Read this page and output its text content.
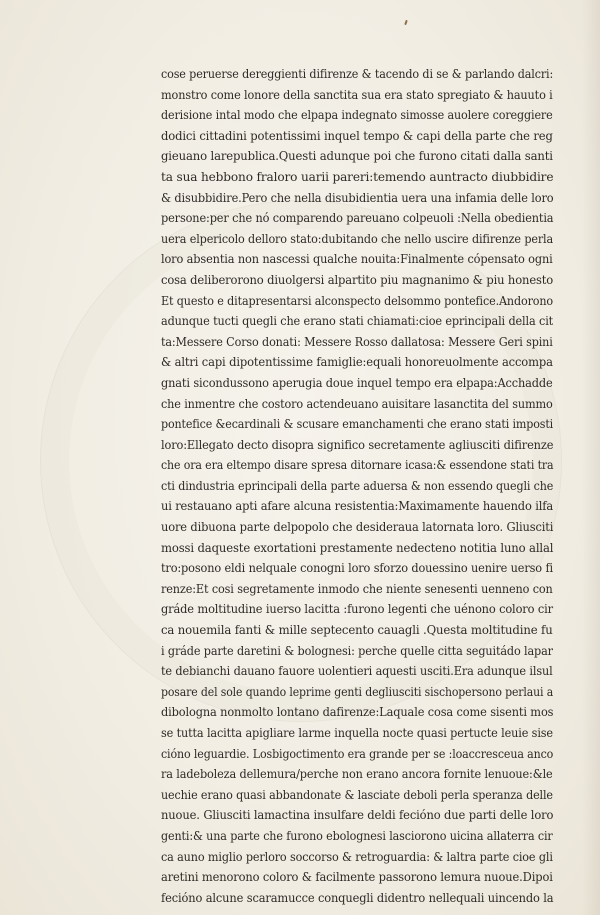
cose peruerse dereggienti difirenze & tacendo di se & parlando dalcri:
monstro come lonore della sanctita sua era stato spregiato & hauuto i
derisione intal modo che elpapa indegnato simosse auolere coreggiere
dodici cittadini potentissimi inquel tempo & capi della parte che reg
gieuano larepublica.Questi adunque poi che furono citati dalla santi
ta sua hebbono fraloro uarii pareri:temendo auntracto diubbidire
& disubbidire.Pero che nella disubidientia uera una infamia delle loro
persone:per che nó comparendo pareuano colpeuoli :Nella obedientia
uera elpericolo delloro stato:dubitando che nello uscire difirenze perla
loro absentia non nascessi qualche nouita:Finalmente cópensato ogni
cosa deliberorono diuolgersi alpartito piu magnanimo & piu honesto
Et questo e ditapresentarsi alconspecto delsommo pontefice.Andorono
adunque tucti quegli che erano stati chiamati:cioe eprincipali della cit
ta:Messere Corso donati: Messere Rosso dallatosa: Messere Geri spini
& altri capi dipotentissime famiglie:equali honoreuolmente accompa
gnati sicondussono aperugia doue inquel tempo era elpapa:Acchadde
che inmentre che costoro actendeuano auisitare lasanctita del summo
pontefice &ecardinali & scusare emanchamenti che erano stati imposti
loro:Ellegato decto disopra significo secretamente agliusciti difirenze
che ora era eltempo disare spresa ditornare icasa:& essendone stati tra
cti dindustria eprincipali della parte aduersa & non essendo quegli che
ui restauano apti afare alcuna resistentia:Maximamente hauendo ilfa
uore dibuona parte delpopolo che desideraua latornata loro. Gliusciti
mossi daqueste exortationi prestamente nedecteno notitia luno allal
tro:posono eldi nelquale conogni loro sforzo douessino uenire uerso fi
renze:Et cosi segretamente inmodo che niente senesenti uenneno con
gráde moltitudine iuerso lacitta :furono legenti che uénono coloro cir
ca nouemila fanti & mille septecento cauagli .Questa moltitudine fu
i gráde parte daretini & bolognesi: perche quelle citta seguitádo lapar
te debianchi dauano fauore uolentieri aquesti usciti.Era adunque ilsul
posare del sole quando leprime genti degliusciti sischopersono perlaui a
dibologna nonmolto lontano dafirenze:Laquale cosa come sisenti mos
se tutta lacitta apigliare larme inquella nocte quasi pertucte leuie sise
cióno leguardie. Losbigoctimento era grande per se :loaccresceua anco
ra ladeboleza dellemura/perche non erano ancora fornite lenuoue:&le
uechie erano quasi abbandonate & lasciate deboli perla speranza delle
nuoue. Gliusciti lamactina insulfare deldi fecióno due parti delle loro
genti:& una parte che furono ebolognesi lasciorono uicina allaterra cir
ca auno miglio perloro soccorso & retroguardia: & laltra parte cioe gli
aretini menorono coloro & facilmente passorono lemura nuoue.Dipoi
fecióno alcune scaramucce conquegli didentro nellequali uincendo la
